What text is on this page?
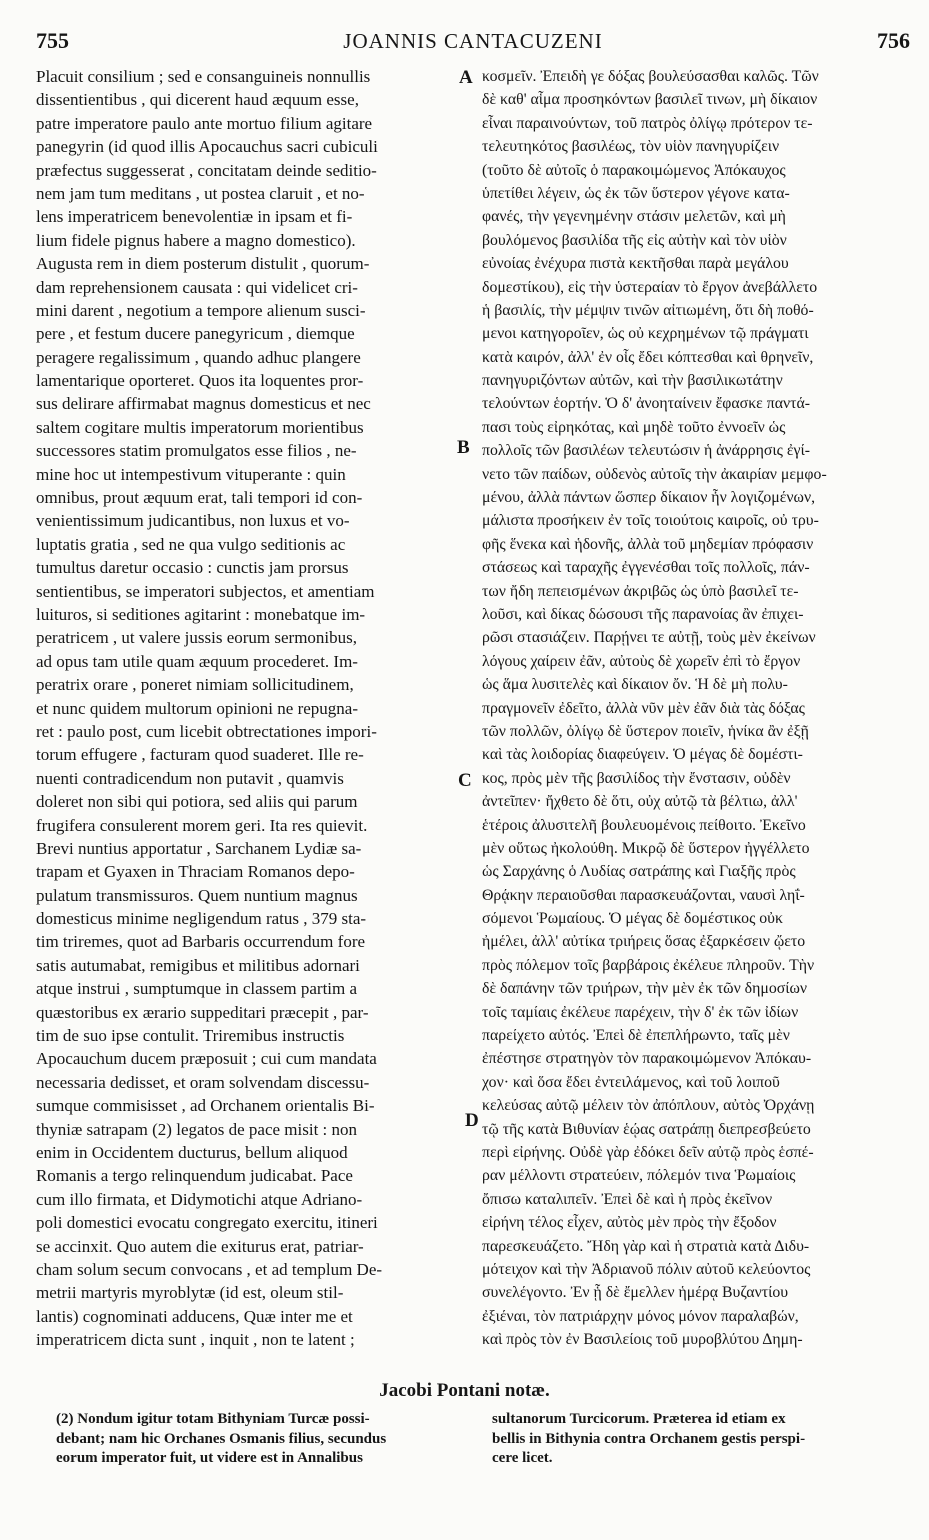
755	JOANNIS CANTACUZENI	756
Placuit consilium ; sed e consanguineis nonnullis
dissentientibus , qui dicerent haud æquum esse,
patre imperatore paulo ante mortuo filium agitare
panegyrin (id quod illis Apocauchus sacri cubiculi
præfectus suggesserat , concitatam deinde seditio-
nem jam tum meditans , ut postea claruit , et no-
lens imperatricem benevolentiæ in ipsam et fi-
lium fidele pignus habere a magno domestico).
Augusta rem in diem posterum distulit , quorum-
dam reprehensionem causata : qui videlicet cri-
mini darent , negotium a tempore alienum susci-
pere , et festum ducere panegyricum , diemque
peragere regalissimum , quando adhuc plangere
lamentarique oporteret. Quos ita loquentes pror-
sus delirare affirmabat magnus domesticus et nec
saltem cogitare multis imperatorum morientibus
successores statim promulgatos esse filios , ne-
mine hoc ut intempestivum vituperante : quin
omnibus, prout æquum erat, tali tempori id con-
venientissimum judicantibus, non luxus et vo-
luptatis gratia , sed ne qua vulgo seditionis ac
tumultus daretur occasio : cunctis jam prorsus
sentientibus, se imperatori subjectos, et amentiam
luituros, si seditiones agitarint : monebatque im-
peratricem , ut valere jussis eorum sermonibus,
ad opus tam utile quam æquum procederet. Im-
peratrix orare , poneret nimiam sollicitudinem,
et nunc quidem multorum opinioni ne repugna-
ret : paulo post, cum licebit obtrectationes impori-
torum effugere , facturam quod suaderet. Ille re-
nuenti contradicendum non putavit , quamvis
doleret non sibi qui potiora, sed aliis qui parum
frugifera consulerent morem geri. Ita res quievit.
Brevi nuntius apportatur , Sarchanem Lydiæ sa-
trapam et Gyaxen in Thraciam Romanos depo-
pulatum transmissuros. Quem nuntium magnus
domesticus minime negligendum ratus , 379 sta-
tim triremes, quot ad Barbaris occurrendum fore
satis autumabat, remigibus et militibus adornari
atque instrui , sumptumque in classem partim a
quæstoribus ex ærario suppeditari præcepit , par-
tim de suo ipse contulit. Triremibus instructis
Apocauchum ducem præposuit ; cui cum mandata
necessaria dedisset, et oram solvendam discessu-
sumque commisisset , ad Orchanem orientalis Bi-
thyniæ satrapam (2) legatos de pace misit : non
enim in Occidentem ducturus, bellum aliquod
Romanis a tergo relinquendum judicabat. Pace
cum illo firmata, et Didymotichi atque Adriano-
poli domestici evocatu congregato exercitu, itineri
se accinxit. Quo autem die exiturus erat, patriar-
cham solum secum convocans , et ad templum De-
metrii martyris myroblytæ (id est, oleum stil-
lantis) cognominati adducens, Quæ inter me et
imperatricem dicta sunt , inquit , non te latent ;
κοσμεῖν. Ἐπειδὴ γε δόξας βουλεύσασθαι καλῶς. Τῶν
δὲ καθ' αἷμα προσηκόντων βασιλεῖ τινων, μὴ δίκαιον
εἶναι παραινούντων, τοῦ πατρὸς ὀλίγῳ πρότερον τε-
τελευτηκότος βασιλέως, τὸν υἱὸν πανηγυρίζειν
(τοῦτο δὲ αὐτοῖς ὁ παρακοιμώμενος Ἀπόκαυχος
ὑπετίθει λέγειν, ὡς ἐκ τῶν ὕστερον γέγονε κατα-
φανές, τὴν γεγενημένην στάσιν μελετῶν, καὶ μὴ
βουλόμενος βασιλίδα τῆς εἰς αὐτὴν καὶ τὸν υἱὸν
εὐνοίας ἐνέχυρα πιστὰ κεκτῆσθαι παρὰ μεγάλου
δομεστίκου), εἰς τὴν ὑστεραίαν τὸ ἔργον ἀνεβάλλετο
ἡ βασιλίς, τὴν μέμψιν τινῶν αἰτιωμένη, ὅτι δὴ ποθό-
μενοι κατηγοροῖεν, ὡς οὐ κεχρημένων τῷ πράγματι
κατὰ καιρόν, ἀλλ' ἐν οἷς ἔδει κόπτεσθαι καὶ θρηνεῖν,
πανηγυριζόντων αὐτῶν, καὶ τὴν βασιλικωτάτην
τελούντων ἑορτήν. Ὁ δ' ἀνοηταίνειν ἔφασκε παντά-
πασι τοὺς εἰρηκότας, καὶ μηδὲ τοῦτο ἐννοεῖν ὡς
πολλοῖς τῶν βασιλέων τελευτώσιν ἡ ἀνάρρησις ἐγί-
νετο τῶν παίδων, οὐδενὸς αὐτοῖς τὴν ἀκαιρίαν μεμφο-
μένου, ἀλλὰ πάντων ὥσπερ δίκαιον ἦν λογιζομένων,
μάλιστα προσήκειν ἐν τοῖς τοιούτοις καιροῖς, οὐ τρυ-
φῆς ἕνεκα καὶ ἡδονῆς, ἀλλὰ τοῦ μηδεμίαν πρόφασιν
στάσεως καὶ ταραχῆς ἐγγενέσθαι τοῖς πολλοῖς, πάν-
των ἤδη πεπεισμένων ἀκριβῶς ὡς ὑπὸ βασιλεῖ τε-
λοῦσι, καὶ δίκας δώσουσι τῆς παρανοίας ἂν ἐπιχει-
ρῶσι στασιάζειν. Παρῄνει τε αὐτῇ, τοὺς μὲν ἐκείνων
λόγους χαίρειν ἐᾶν, αὐτοὺς δὲ χωρεῖν ἐπὶ τὸ ἔργον
ὡς ἅμα λυσιτελὲς καὶ δίκαιον ὄν. Ἡ δὲ μὴ πολυ-
πραγμονεῖν ἐδεῖτο, ἀλλὰ νῦν μὲν ἐᾶν διὰ τὰς δόξας
τῶν πολλῶν, ὀλίγῳ δὲ ὕστερον ποιεῖν, ἡνίκα ἂν ἐξῇ
καὶ τὰς λοιδορίας διαφεύγειν. Ὁ μέγας δὲ δομέστι-
κος, πρὸς μὲν τῆς βασιλίδος τὴν ἔνστασιν, οὐδὲν
ἀντεῖπεν· ἤχθετο δὲ ὅτι, οὐχ αὐτῷ τὰ βέλτιω, ἀλλ'
ἑτέροις ἀλυσιτελῆ βουλευομένοις πείθοιτο. Ἐκεῖνο
μὲν οὕτως ἠκολούθη. Μικρῷ δὲ ὕστερον ἠγγέλλετο
ὡς Σαρχάνης ὁ Λυδίας σατράπης καὶ Γιαξῆς πρὸς
Θρᾴκην περαιοῦσθαι παρασκευάζονται, ναυσὶ ληΐ-
σόμενοι Ῥωμαίους. Ὁ μέγας δὲ δομέστικος οὐκ
ἠμέλει, ἀλλ' αὐτίκα τριήρεις ὅσας ἐξαρκέσειν ᾤετο
πρὸς πόλεμον τοῖς βαρβάροις ἐκέλευε πληροῦν. Τὴν
δὲ δαπάνην τῶν τριήρων, τὴν μὲν ἐκ τῶν δημοσίων
τοῖς ταμίαις ἐκέλευε παρέχειν, τὴν δ' ἐκ τῶν ἰδίων
παρείχετο αὐτός. Ἐπεὶ δὲ ἐπεπλήρωντο, ταῖς μὲν
ἐπέστησε στρατηγὸν τὸν παρακοιμώμενον Ἀπόκαυ-
χον· καὶ ὅσα ἔδει ἐντειλάμενος, καὶ τοῦ λοιποῦ
κελεύσας αὐτῷ μέλειν τὸν ἀπόπλουν, αὐτὸς Ὀρχάνῃ
τῷ τῆς κατὰ Βιθυνίαν ἑῴας σατράπῃ διεπρεσβεύετο
περὶ εἰρήνης. Οὐδὲ γὰρ ἐδόκει δεῖν αὐτῷ πρὸς ἑσπέ-
ραν μέλλοντι στρατεύειν, πόλεμόν τινα Ῥωμαίοις
ὄπισω καταλιπεῖν. Ἐπεὶ δὲ καὶ ἡ πρὸς ἐκεῖνον
εἰρήνη τέλος εἶχεν, αὐτὸς μὲν πρὸς τὴν ἔξοδον
παρεσκευάζετο. Ἤδη γὰρ καὶ ἡ στρατιὰ κατὰ Διδυ-
μότειχον καὶ τὴν Ἀδριανοῦ πόλιν αὐτοῦ κελεύοντος
συνελέγοντο. Ἐν ᾗ δὲ ἔμελλεν ἡμέρᾳ Βυζαντίου
ἐξιέναι, τὸν πατριάρχην μόνος μόνον παραλαβών,
καὶ πρὸς τὸν ἐν Βασιλείοις τοῦ μυροβλύτου Δημη-
A
B
C
D
Jacobi Pontani notæ.
(2) Nondum igitur totam Bithyniam Turcæ possi-
debant; nam hic Orchanes Osmanis filius, secundus
eorum imperator fuit, ut videre est in Annalibus
sultanorum Turcicorum. Præterea id etiam ex
bellis in Bithynia contra Orchanem gestis perspi-
cere licet.
